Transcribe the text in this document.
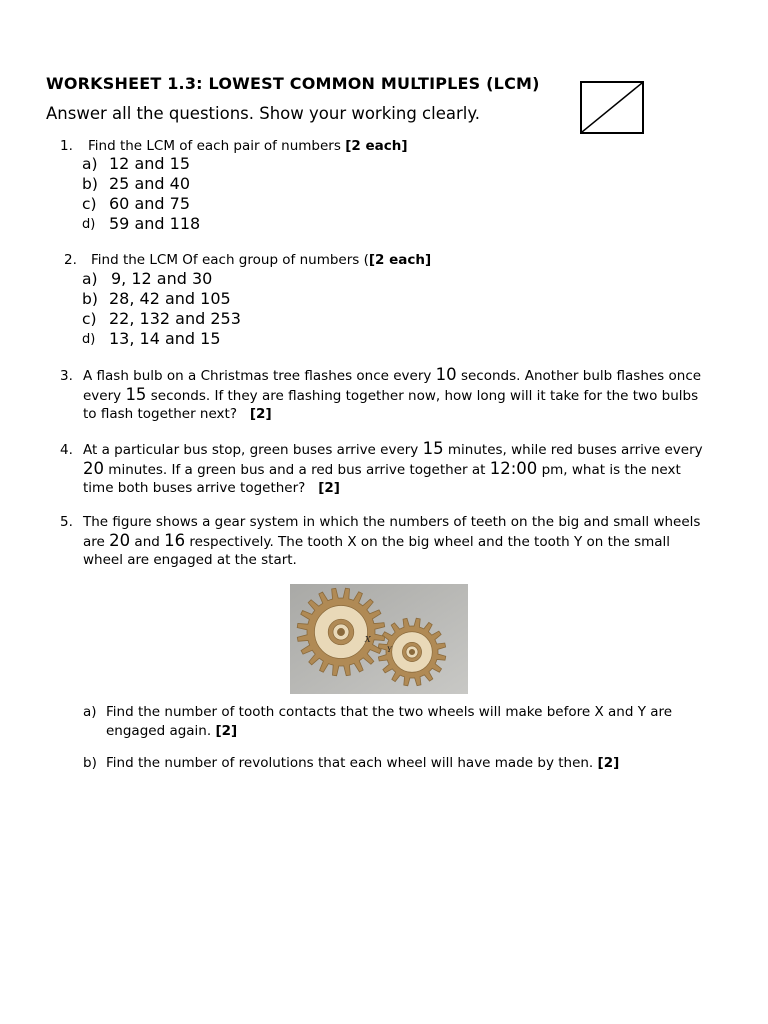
WORKSHEET 1.3: LOWEST COMMON MULTIPLES (LCM)
Answer all the questions. Show your working clearly.
1. Find the LCM of each pair of numbers [2 each]
a) 12 and 15
b) 25 and 40
c) 60 and 75
d) 59 and 118
2. Find the LCM Of each group of numbers ([2 each]
a) 9, 12 and 30
b) 28, 42 and 105
c) 22, 132 and 253
d) 13, 14 and 15
3. A flash bulb on a Christmas tree flashes once every 10 seconds. Another bulb flashes once every 15 seconds. If they are flashing together now, how long will it take for the two bulbs to flash together next? [2]
4. At a particular bus stop, green buses arrive every 15 minutes, while red buses arrive every 20 minutes. If a green bus and a red bus arrive together at 12:00 pm, what is the next time both buses arrive together? [2]
5. The figure shows a gear system in which the numbers of teeth on the big and small wheels are 20 and 16 respectively. The tooth X on the big wheel and the tooth Y on the small wheel are engaged at the start.
X
Y
a) Find the number of tooth contacts that the two wheels will make before X and Y are engaged again. [2]
b) Find the number of revolutions that each wheel will have made by then. [2]
